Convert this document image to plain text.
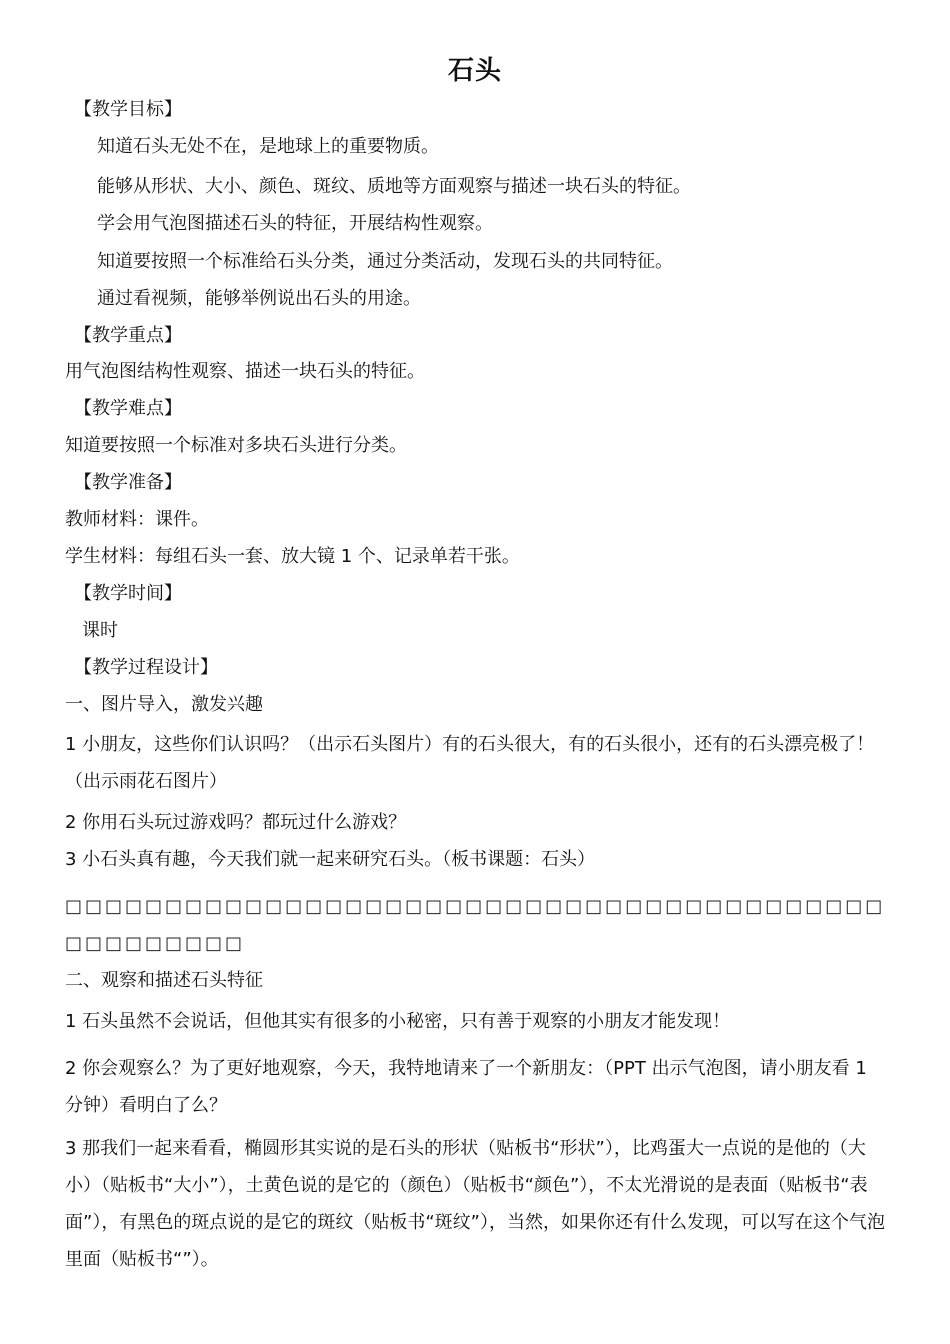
石头
【教学目标】
知道石头无处不在，是地球上的重要物质。
能够从形状、大小、颜色、斑纹、质地等方面观察与描述一块石头的特征。
学会用气泡图描述石头的特征，开展结构性观察。
知道要按照一个标准给石头分类，通过分类活动，发现石头的共同特征。
通过看视频，能够举例说出石头的用途。
【教学重点】
用气泡图结构性观察、描述一块石头的特征。
【教学难点】
知道要按照一个标准对多块石头进行分类。
【教学准备】
教师材料：课件。
学生材料：每组石头一套、放大镜 1 个、记录单若干张。
【教学时间】
课时
【教学过程设计】
一、图片导入，激发兴趣
1 小朋友，这些你们认识吗？（出示石头图片）有的石头很大，有的石头很小，还有的石头漂亮极了！（出示雨花石图片）
2 你用石头玩过游戏吗？都玩过什么游戏？
3 小石头真有趣，今天我们就一起来研究石头。（板书课题：石头）
□□□□□□□□□□□□□□□□□□□□□□□□□□□□□□□□□□□□□□□□□□□□□□□□□□
二、观察和描述石头特征
1 石头虽然不会说话，但他其实有很多的小秘密，只有善于观察的小朋友才能发现！
2 你会观察么？为了更好地观察，今天，我特地请来了一个新朋友：（PPT 出示气泡图，请小朋友看 1 分钟）看明白了么？
3 那我们一起来看看，椭圆形其实说的是石头的形状（贴板书“形状”），比鸡蛋大一点说的是他的（大小）（贴板书“大小”），土黄色说的是它的（颜色）（贴板书“颜色”），不太光滑说的是表面（贴板书“表面”），有黑色的斑点说的是它的斑纹（贴板书“斑纹”），当然，如果你还有什么发现，可以写在这个气泡里面（贴板书“”）。
